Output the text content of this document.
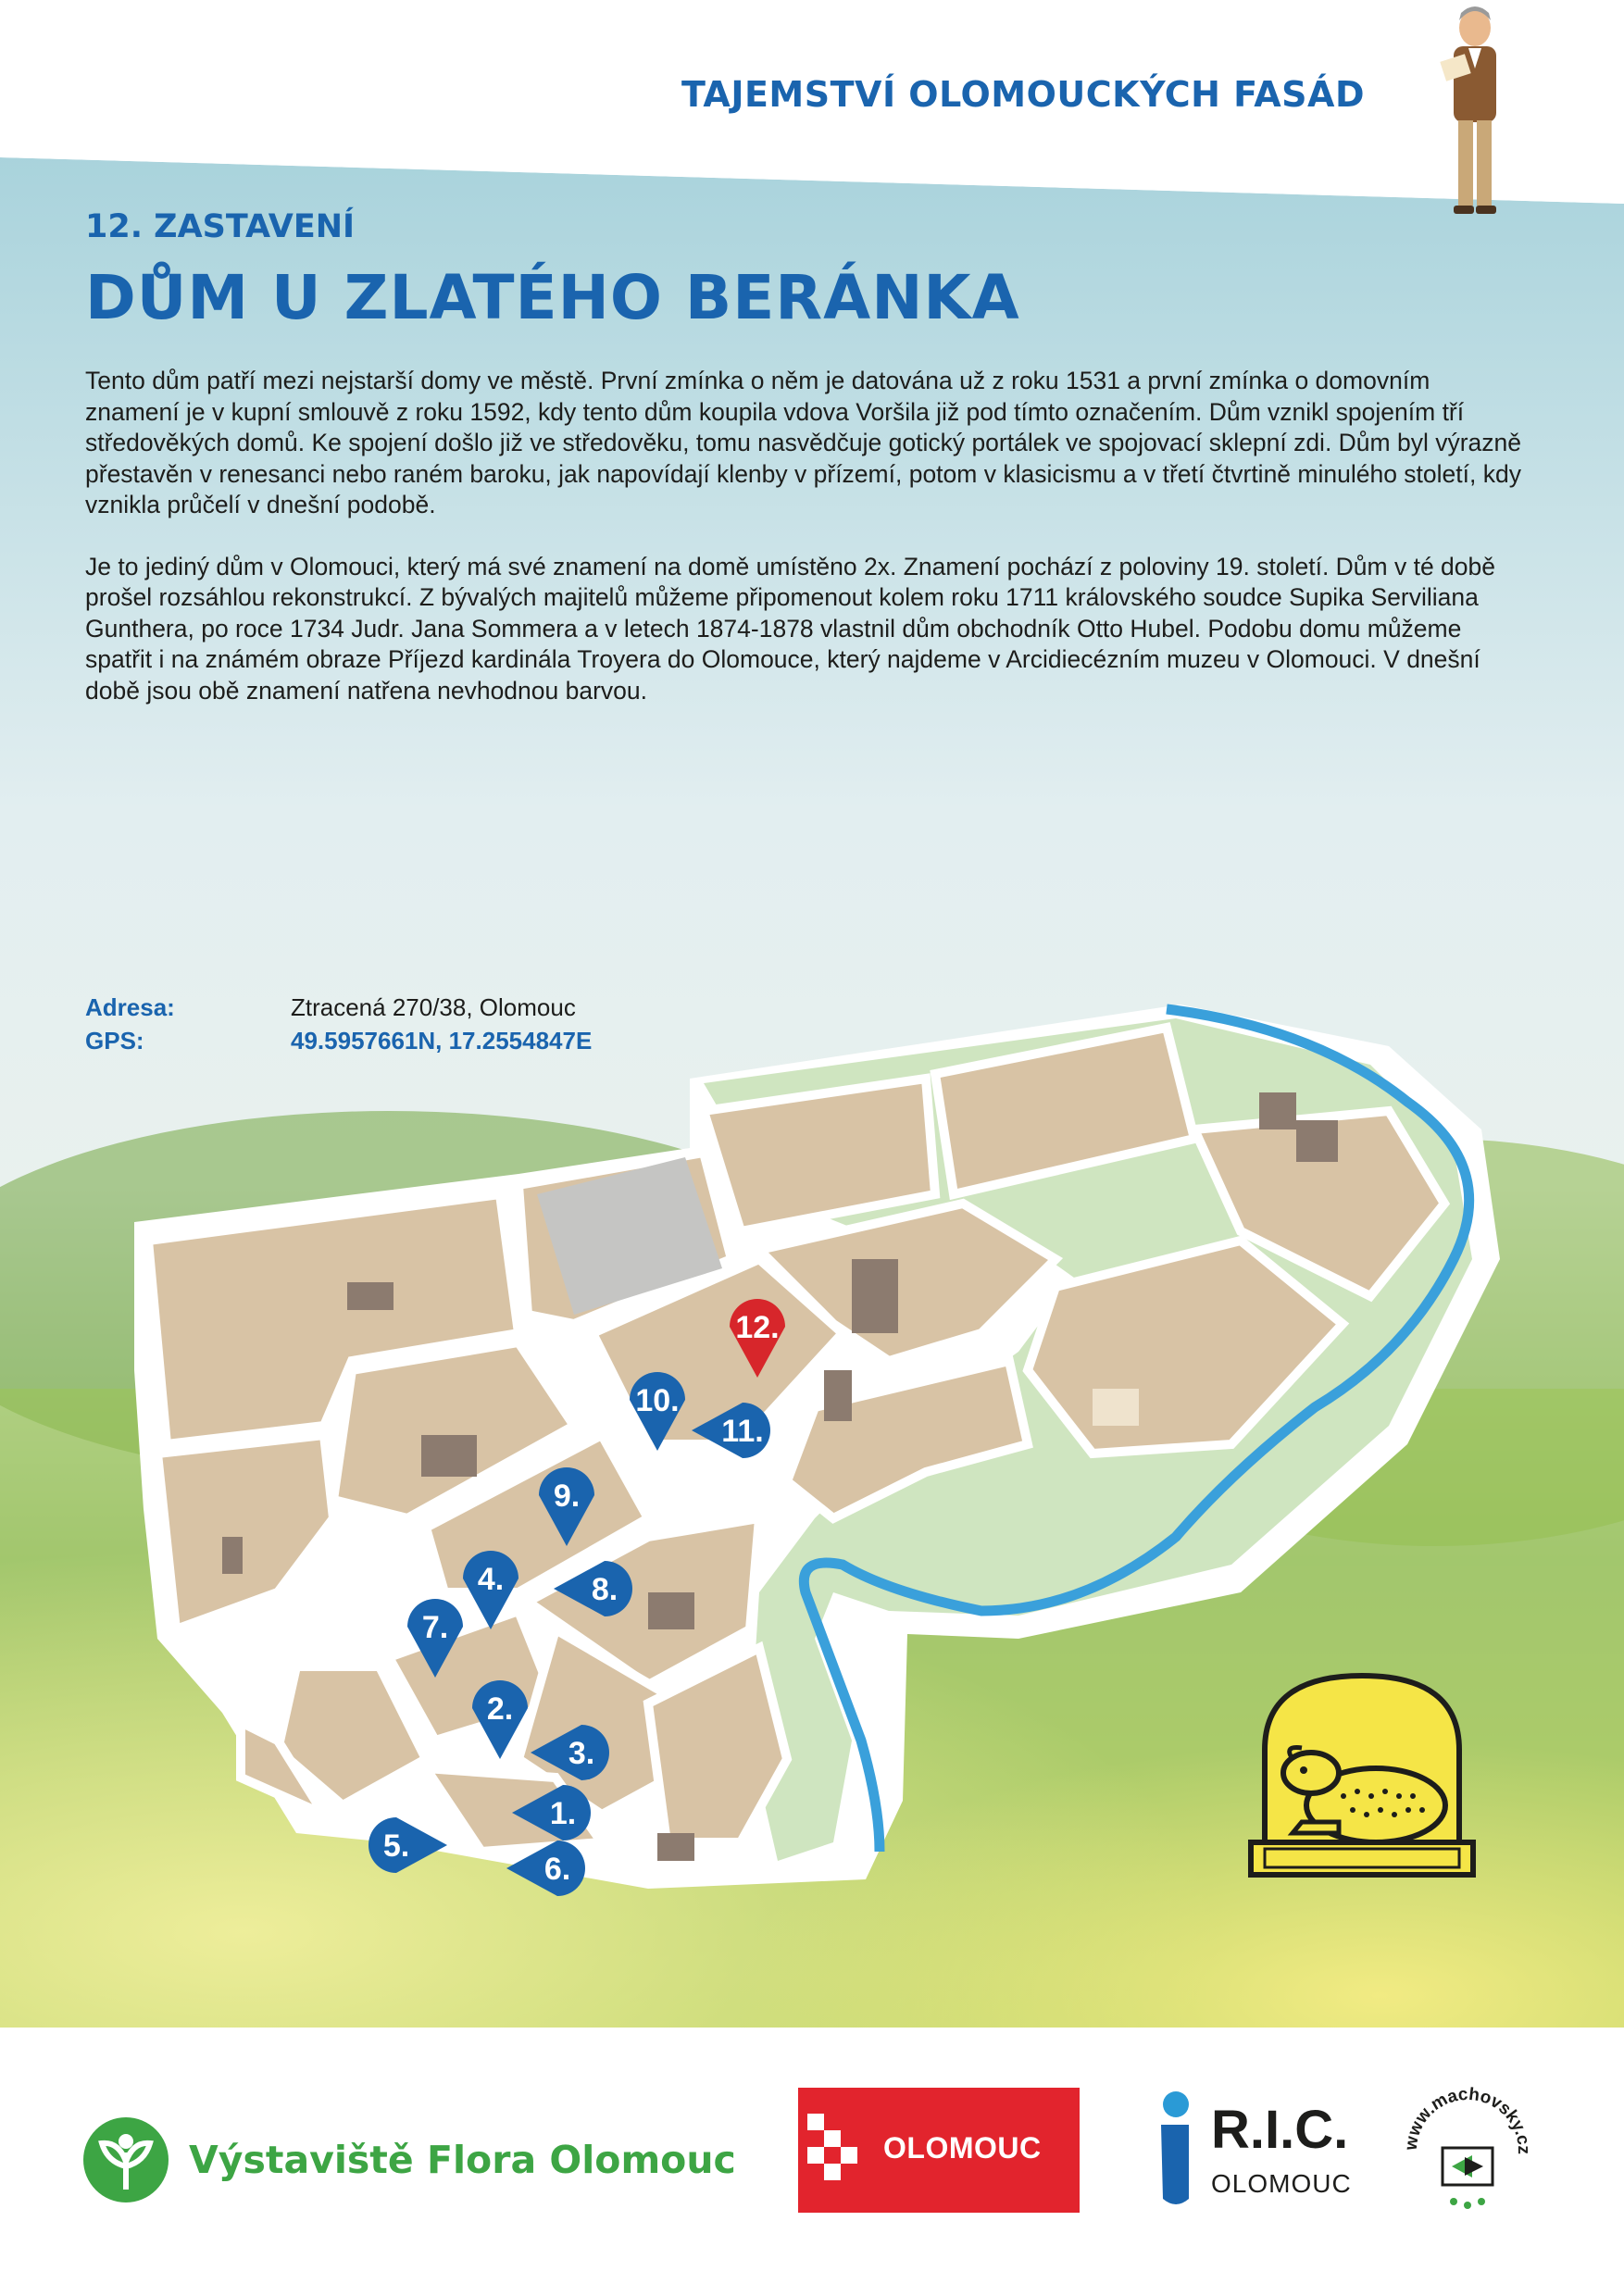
TAJEMSTVÍ OLOMOUCKÝCH FASÁD
12. ZASTAVENÍ
DŮM U ZLATÉHO BERÁNKA

Tento dům patří mezi nejstarší domy ve městě. První zmínka o něm je datována už z roku 1531 a první zmínka o domovním znamení je v kupní smlouvě z roku 1592, kdy tento dům koupila vdova Voršila již pod tímto označením. Dům vznikl spojením tří středověkých domů. Ke spojení došlo již ve středověku, tomu nasvědčuje gotický portálek ve spojovací sklepní zdi. Dům byl výrazně přestavěn v renesanci nebo raném baroku, jak napovídají klenby v přízemí, potom v klasicismu a v třetí čtvrtině minulého století, kdy vznikla průčelí v dnešní podobě.

Je to jediný dům v Olomouci, který má své znamení na domě umístěno 2x. Znamení pochází z poloviny 19. století. Dům v té době prošel rozsáhlou rekonstrukcí. Z bývalých majitelů můžeme připomenout kolem roku 1711 královského soudce Supika Serviliana Gunthera, po roce 1734 Judr. Jana Sommera a v letech 1874-1878 vlastnil dům obchodník Otto Hubel. Podobu domu můžeme spatřit i na známém obraze Příjezd kardinála Troyera do Olomouce, který najdeme v Arcidiecézním muzeu v Olomouci. V dnešní době jsou obě znamení natřena nevhodnou barvou.

Adresa:	Ztracená 270/38, Olomouc
GPS:	49.5957661N, 17.2554847E
1.
2.
3.
4.
5.
6.
7.
8.
9.
10.
11.
12.
Výstaviště Flora Olomouc	OLOMOUC	R.I.C.
OLOMOUC
www.machovsky.cz
